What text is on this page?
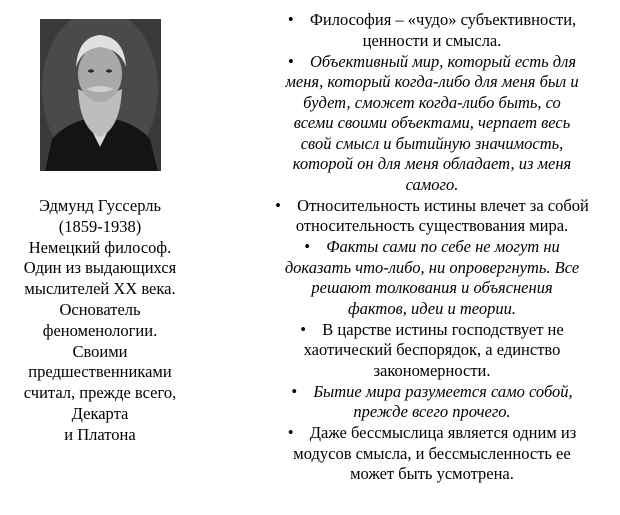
Эдмунд Гуссерль
(1859-1938)
Немецкий философ.
Один из выдающихся
мыслителей XX века.
Основатель
феноменологии.
Своими
предшественниками
считал, прежде всего,
Декарта
и Платона
• Философия – «чудо» субъективности,
ценности и смысла.
• Объективный мир, который есть для
меня, который когда-либо для меня был и
будет, сможет когда-либо быть, со
всеми своими объектами, черпает весь
свой смысл и бытийную значимость,
которой он для меня обладает, из меня
самого.
• Относительность истины влечет за собой
относительность существования мира.
• Факты сами по себе не могут ни
доказать что-либо, ни опровергнуть. Все
решают толкования и объяснения
фактов, идеи и теории.
• В царстве истины господствует не
хаотический беспорядок, а единство
закономерности.
• Бытие мира разумеется само собой,
прежде всего прочего.
• Даже бессмыслица является одним из
модусов смысла, и бессмысленность ее
может быть усмотрена.
